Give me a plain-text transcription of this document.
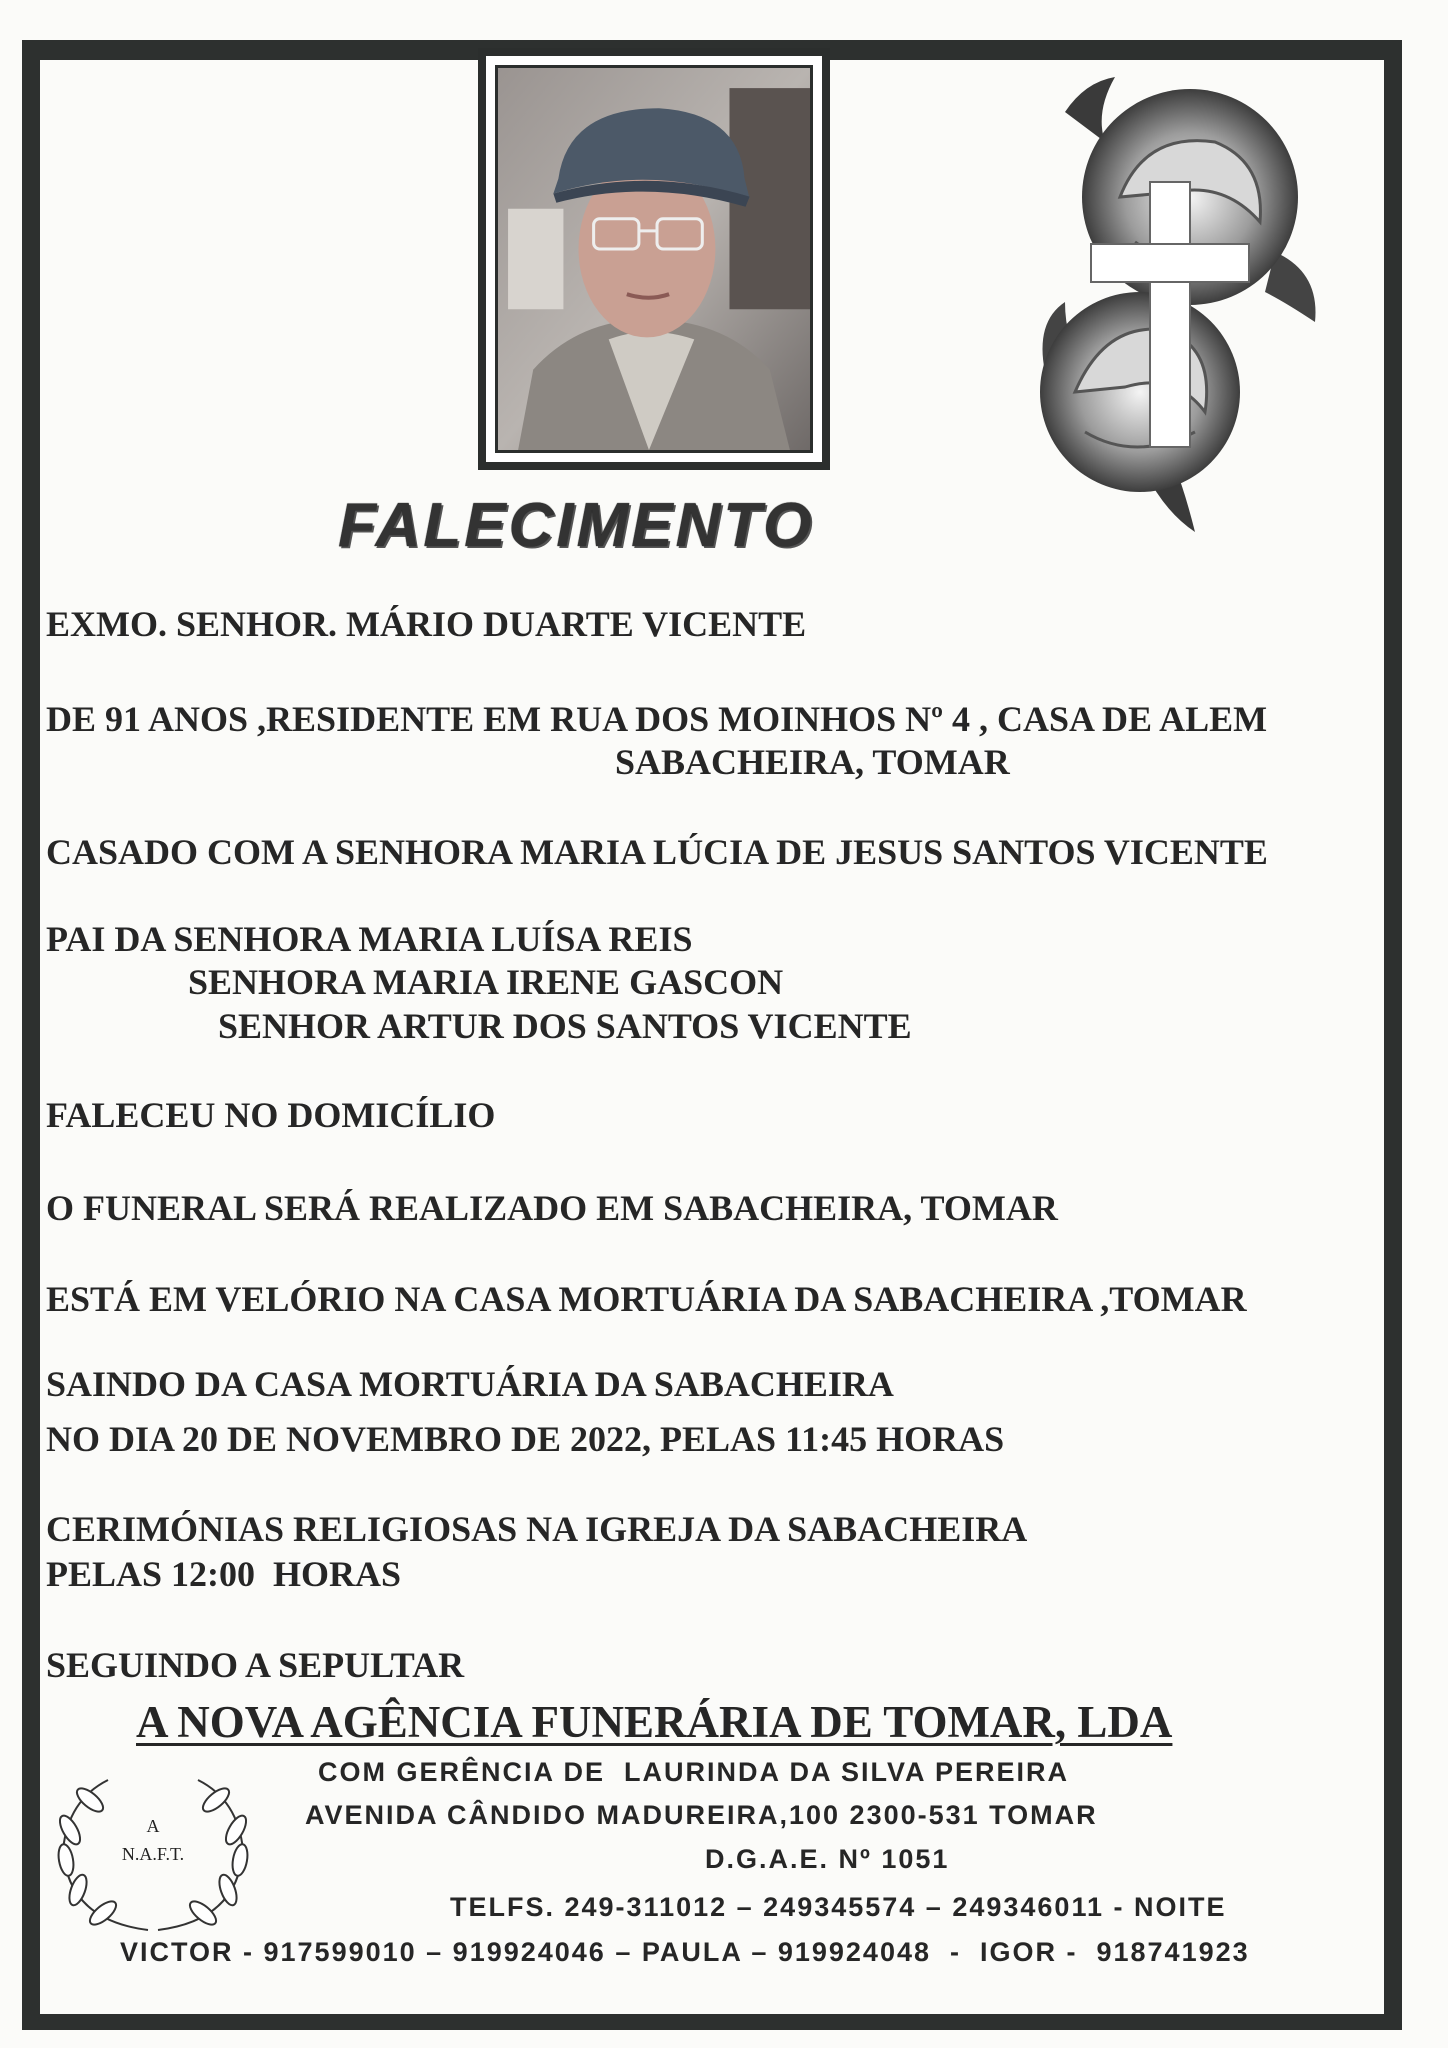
FALECIMENTO
EXMO. SENHOR. MÁRIO DUARTE VICENTE
DE 91 ANOS ,RESIDENTE EM RUA DOS MOINHOS Nº 4 , CASA DE ALEM
SABACHEIRA, TOMAR
CASADO COM A SENHORA MARIA LÚCIA DE JESUS SANTOS VICENTE
PAI DA SENHORA MARIA LUÍSA REIS
SENHORA MARIA IRENE GASCON
SENHOR ARTUR DOS SANTOS VICENTE
FALECEU NO DOMICÍLIO
O FUNERAL SERÁ REALIZADO EM SABACHEIRA, TOMAR
ESTÁ EM VELÓRIO NA CASA MORTUÁRIA DA SABACHEIRA ,TOMAR
SAINDO DA CASA MORTUÁRIA DA SABACHEIRA
NO DIA 20 DE NOVEMBRO DE 2022, PELAS 11:45 HORAS
CERIMÓNIAS RELIGIOSAS NA IGREJA DA SABACHEIRA
PELAS 12:00  HORAS
SEGUINDO A SEPULTAR
A NOVA AGÊNCIA FUNERÁRIA DE TOMAR, LDA
A
N.A.F.T.
COM GERÊNCIA DE  LAURINDA DA SILVA PEREIRA
AVENIDA CÂNDIDO MADUREIRA,100 2300-531 TOMAR
D.G.A.E. Nº 1051
TELFS. 249-311012 – 249345574 – 249346011 - NOITE
VICTOR - 917599010 – 919924046 – PAULA – 919924048  -  IGOR -  918741923
